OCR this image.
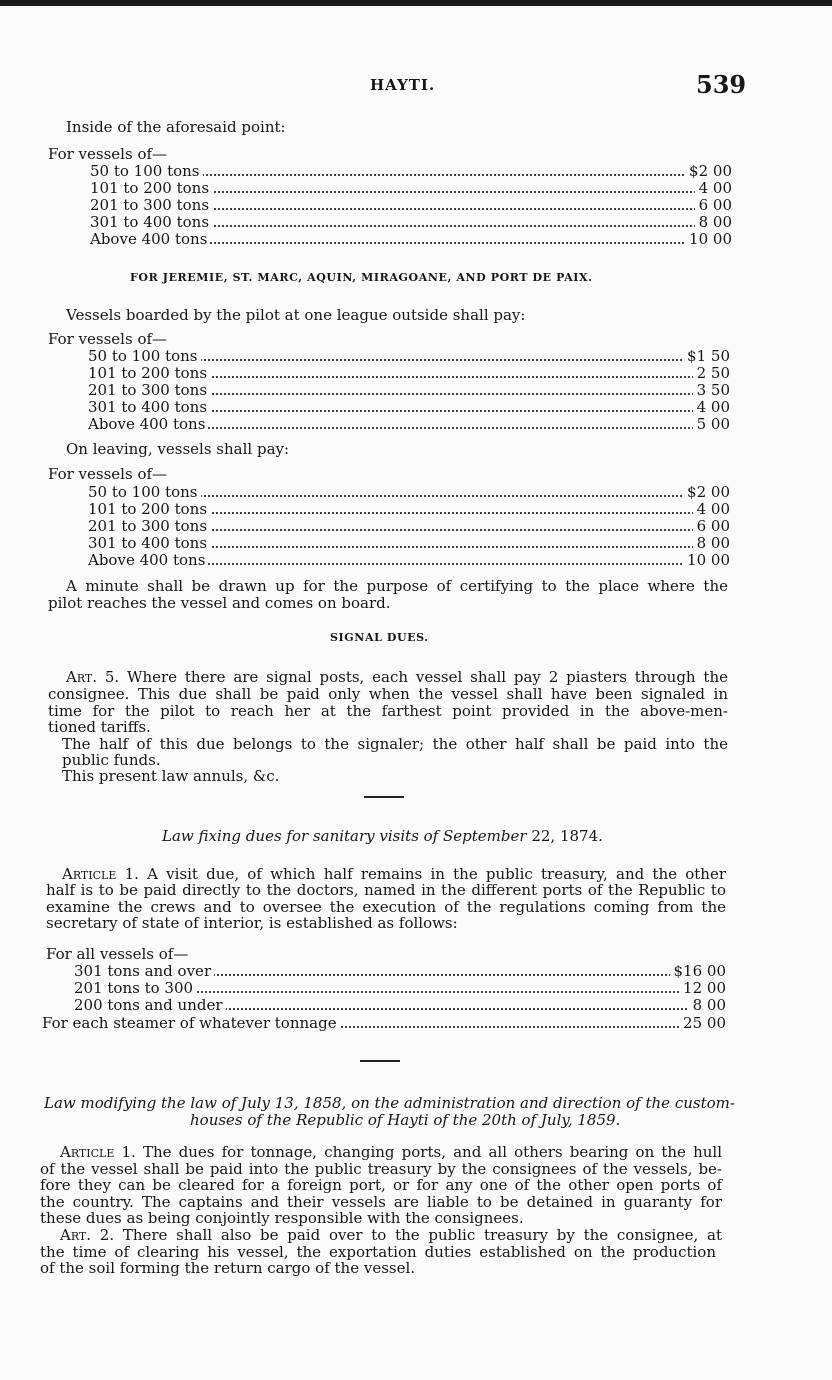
HAYTI.	539
Inside of the aforesaid point:
For vessels of—
50 to 100 tons	$2 00
101 to 200 tons	4 00
201 to 300 tons	6 00
301 to 400 tons	8 00
Above 400 tons	10 00
FOR JEREMIE, ST. MARC, AQUIN, MIRAGOANE, AND PORT DE PAIX.
Vessels boarded by the pilot at one league outside shall pay:
For vessels of—
50 to 100 tons	$1 50
101 to 200 tons	2 50
201 to 300 tons	3 50
301 to 400 tons	4 00
Above 400 tons	5 00
On leaving, vessels shall pay:
For vessels of—
50 to 100 tons	$2 00
101 to 200 tons	4 00
201 to 300 tons	6 00
301 to 400 tons	8 00
Above 400 tons	10 00
A minute shall be drawn up for the purpose of certifying to the place where the
pilot reaches the vessel and comes on board.
SIGNAL DUES.
Art. 5. Where there are signal posts, each vessel shall pay 2 piasters through the
consignee. This due shall be paid only when the vessel shall have been signaled in
time for the pilot to reach her at the farthest point provided in the above-men-
tioned tariffs.
The half of this due belongs to the signaler; the other half shall be paid into the
public funds.
This present law annuls, &c.
Law fixing dues for sanitary visits of September 22, 1874.
Article 1. A visit due, of which half remains in the public treasury, and the other
half is to be paid directly to the doctors, named in the different ports of the Republic to
examine the crews and to oversee the execution of the regulations coming from the
secretary of state of interior, is established as follows:
For all vessels of—
301 tons and over	$16 00
201 tons to 300	12 00
200 tons and under	8 00
For each steamer of whatever tonnage	25 00
Law modifying the law of July 13, 1858, on the administration and direction of the custom-
houses of the Republic of Hayti of the 20th of July, 1859.
Article 1. The dues for tonnage, changing ports, and all others bearing on the hull
of the vessel shall be paid into the public treasury by the consignees of the vessels, be-
fore they can be cleared for a foreign port, or for any one of the other open ports of
the country. The captains and their vessels are liable to be detained in guaranty for
these dues as being conjointly responsible with the consignees.
Art. 2. There shall also be paid over to the public treasury by the consignee, at
the time of clearing his vessel, the exportation duties established on the production
of the soil forming the return cargo of the vessel.
